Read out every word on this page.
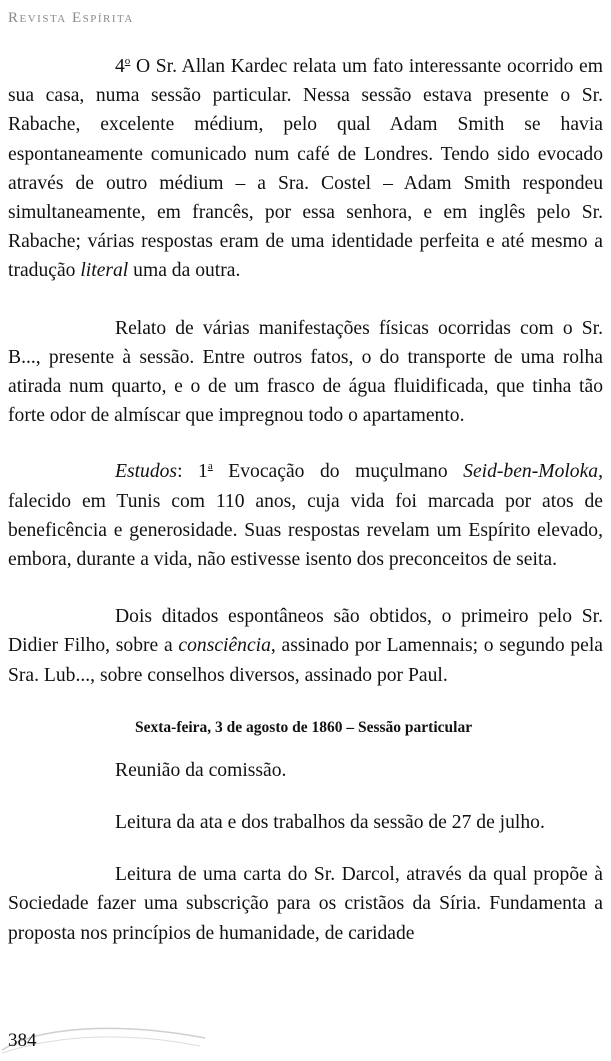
Revista Espírita

4$^o$ O Sr. Allan Kardec relata um fato interessante ocorrido em sua casa, numa sessão particular. Nessa sessão estava presente o Sr. Rabache, excelente médium, pelo qual Adam Smith se havia espontaneamente comunicado num café de Londres. Tendo sido evocado através de outro médium – a Sra. Costel – Adam Smith respondeu simultaneamente, em francês, por essa senhora, e em inglês pelo Sr. Rabache; várias respostas eram de uma identidade perfeita e até mesmo a tradução literal uma da outra.

Relato de várias manifestações físicas ocorridas com o Sr. B..., presente à sessão. Entre outros fatos, o do transporte de uma rolha atirada num quarto, e o de um frasco de água fluidificada, que tinha tão forte odor de almíscar que impregnou todo o apartamento.

Estudos: 1$^a$ Evocação do muçulmano Seid-ben-Moloka, falecido em Tunis com 110 anos, cuja vida foi marcada por atos de beneficência e generosidade. Suas respostas revelam um Espírito elevado, embora, durante a vida, não estivesse isento dos preconceitos de seita.

Dois ditados espontâneos são obtidos, o primeiro pelo Sr. Didier Filho, sobre a consciência, assinado por Lamennais; o segundo pela Sra. Lub..., sobre conselhos diversos, assinado por Paul.

Sexta-feira, 3 de agosto de 1860 – Sessão particular

Reunião da comissão.

Leitura da ata e dos trabalhos da sessão de 27 de julho.

Leitura de uma carta do Sr. Darcol, através da qual propõe à Sociedade fazer uma subscrição para os cristãos da Síria. Fundamenta a proposta nos princípios de humanidade, de caridade

384
